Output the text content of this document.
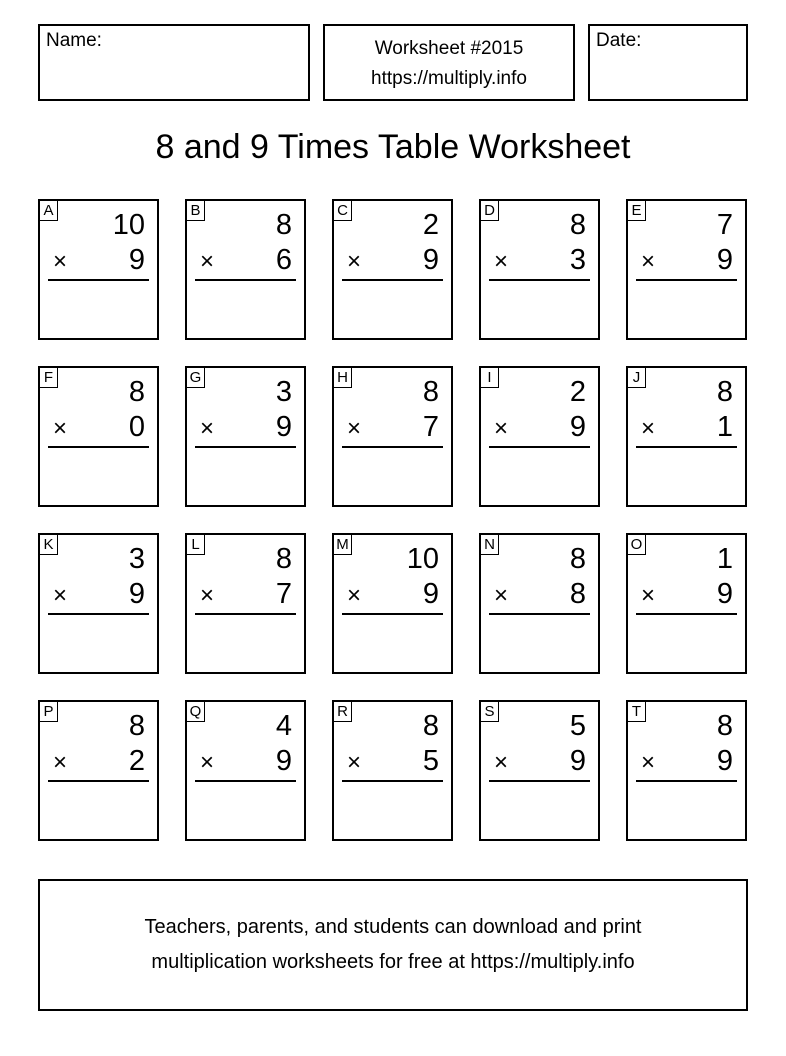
Name:	Worksheet #2015
https://multiply.info
Date:
8 and 9 Times Table Worksheet
A 10
× 9
B	8
× 6
C	2
× 9
D	8
× 3
E	7
× 9
F	8
× 0
G	3
× 9
H	8
× 7
I	2
× 9
J	8
× 1
K	3
× 9
L	8
× 7
M 10
× 9
N	8
× 8
O	1
× 9
P	8
× 2
Q	4
× 9
R	8
× 5
S	5
× 9
T	8
× 9
Teachers, parents, and students can download and print
multiplication worksheets for free at https://multiply.info
